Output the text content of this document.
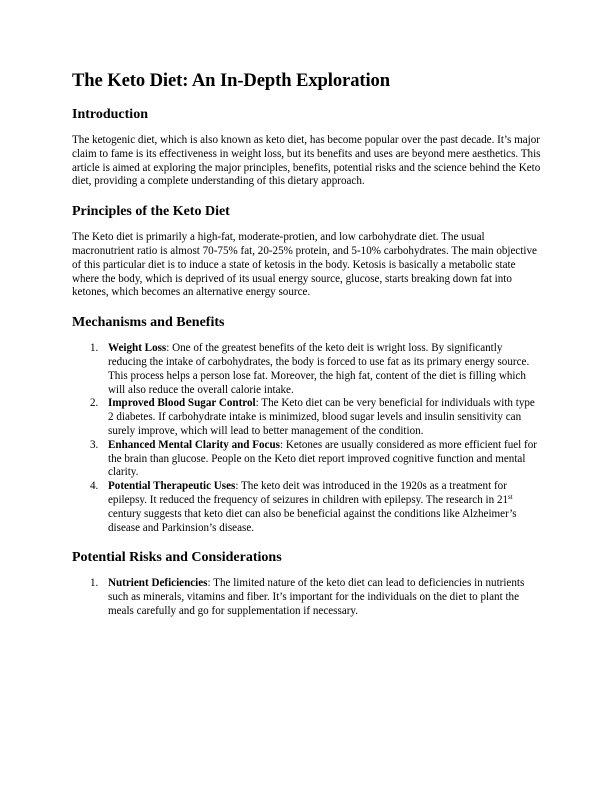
The Keto Diet: An In-Depth Exploration
Introduction

The ketogenic diet, which is also known as keto diet, has become popular over the past decade. It’s major claim to fame is its effectiveness in weight loss, but its benefits and uses are beyond mere aesthetics. This article is aimed at exploring the major principles, benefits, potential risks and the science behind the Keto diet, providing a complete understanding of this dietary approach.

Principles of the Keto Diet

The Keto diet is primarily a high-fat, moderate-protien, and low carbohydrate diet. The usual macronutrient ratio is almost 70-75% fat, 20-25% protein, and 5-10% carbohydrates. The main objective of this particular diet is to induce a state of ketosis in the body. Ketosis is basically a metabolic state where the body, which is deprived of its usual energy source, glucose, starts breaking down fat into ketones, which becomes an alternative energy source.

Mechanisms and Benefits
1. Weight Loss: One of the greatest benefits of the keto deit is wright loss. By significantly reducing the intake of carbohydrates, the body is forced to use fat as its primary energy source. This process helps a person lose fat. Moreover, the high fat, content of the diet is filling which will also reduce the overall calorie intake.
2. Improved Blood Sugar Control: The Keto diet can be very beneficial for individuals with type 2 diabetes. If carbohydrate intake is minimized, blood sugar levels and insulin sensitivity can surely improve, which will lead to better management of the condition.
3. Enhanced Mental Clarity and Focus: Ketones are usually considered as more efficient fuel for the brain than glucose. People on the Keto diet report improved cognitive function and mental clarity.
4. Potential Therapeutic Uses: The keto deit was introduced in the 1920s as a treatment for epilepsy. It reduced the frequency of seizures in children with epilepsy. The research in 21st century suggests that keto diet can also be beneficial against the conditions like Alzheimer’s disease and Parkinsion’s disease.
Potential Risks and Considerations
1. Nutrient Deficiencies: The limited nature of the keto diet can lead to deficiencies in nutrients such as minerals, vitamins and fiber. It’s important for the individuals on the diet to plant the meals carefully and go for supplementation if necessary.
